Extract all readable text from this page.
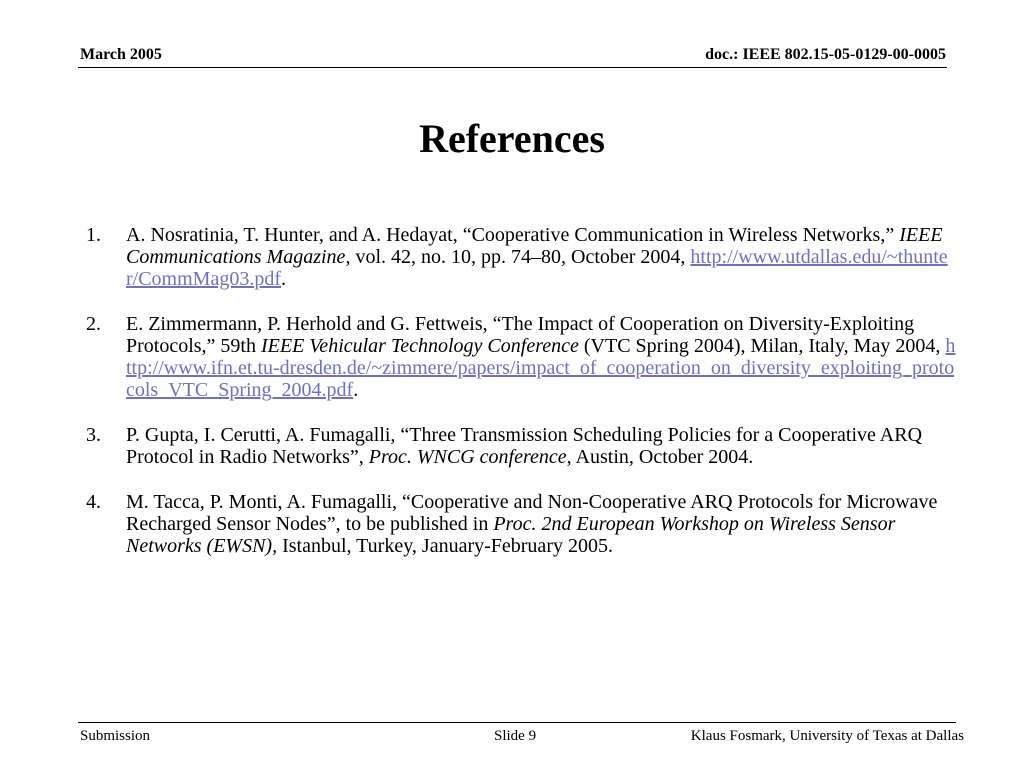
March 2005	doc.: IEEE 802.15-05-0129-00-0005
References
1. A. Nosratinia, T. Hunter, and A. Hedayat, “Cooperative Communication in Wireless Networks,” IEEE Communications Magazine, vol. 42, no. 10, pp. 74–80, October 2004, http://www.utdallas.edu/~thunter/CommMag03.pdf.
2. E. Zimmermann, P. Herhold and G. Fettweis, “The Impact of Cooperation on Diversity-Exploiting Protocols,” 59th IEEE Vehicular Technology Conference (VTC Spring 2004), Milan, Italy, May 2004, http://www.ifn.et.tu-dresden.de/~zimmere/papers/impact_of_cooperation_on_diversity_exploiting_protocols_VTC_Spring_2004.pdf.
3. P. Gupta, I. Cerutti, A. Fumagalli, “Three Transmission Scheduling Policies for a Cooperative ARQ Protocol in Radio Networks”, Proc. WNCG conference, Austin, October 2004.
4. M. Tacca, P. Monti, A. Fumagalli, “Cooperative and Non-Cooperative ARQ Protocols for Microwave Recharged Sensor Nodes”, to be published in Proc. 2nd European Workshop on Wireless Sensor Networks (EWSN), Istanbul, Turkey, January-February 2005.
Submission	Slide 9	Klaus Fosmark, University of Texas at Dallas
